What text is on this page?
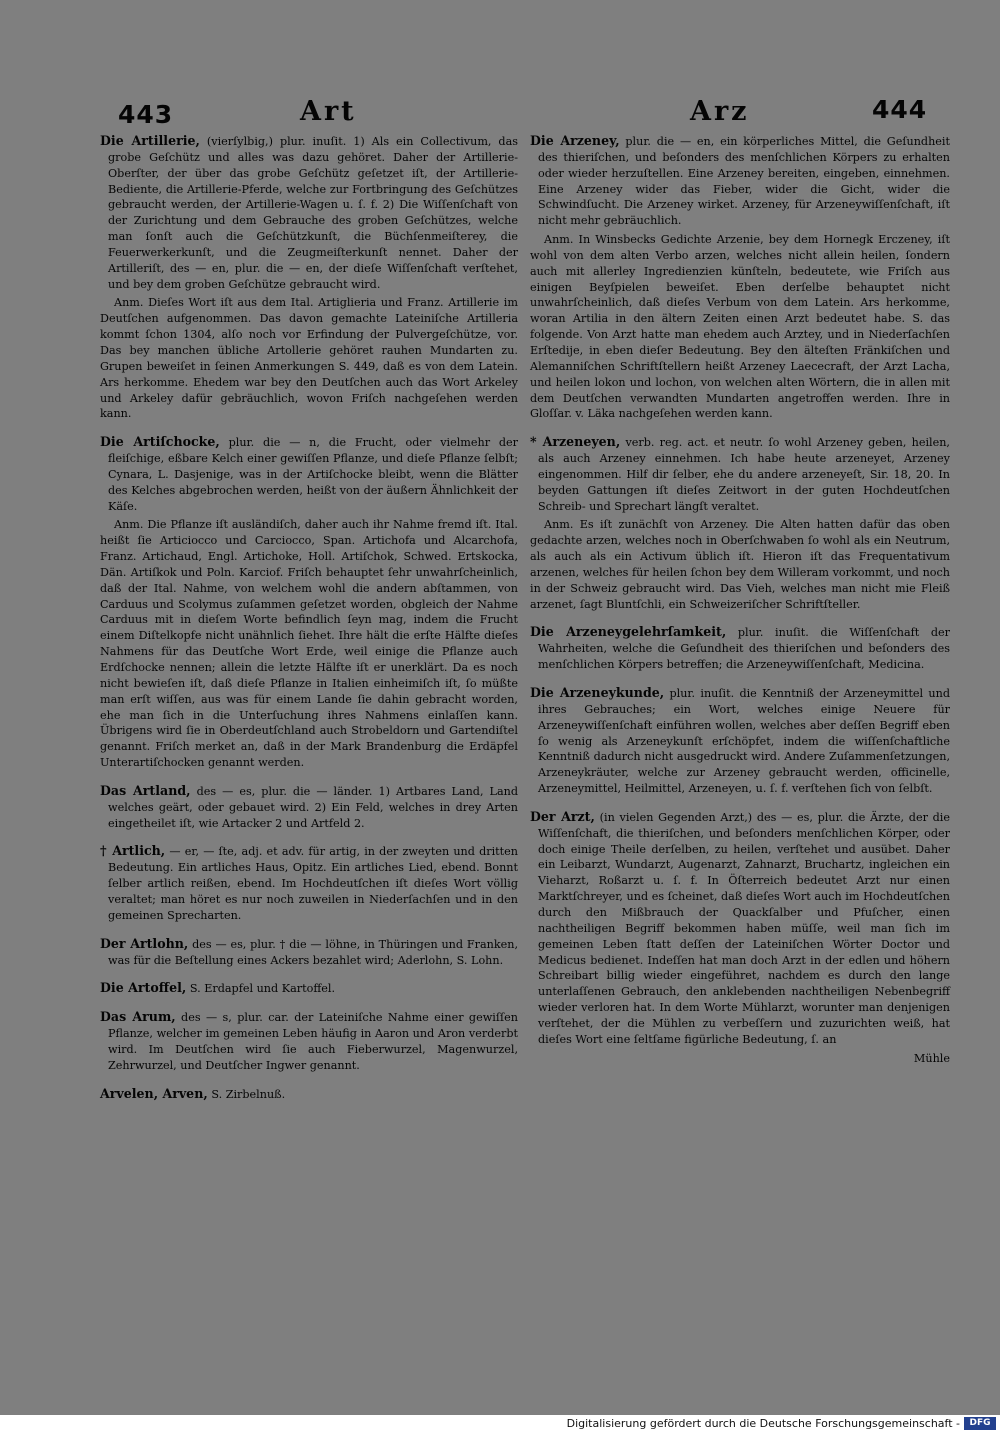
443	Art	Arz	444
Die Artillerie, (vierſylbig,) plur. inuſit. 1) Als ein Collectivum, das grobe Geſchütz und alles was dazu gehöret. Daher der Artillerie-Oberſter, der über das grobe Geſchütz geſetzet iſt, der Artillerie-Bediente, die Artillerie-Pferde, welche zur Fortbringung des Geſchützes gebraucht werden, der Artillerie-Wagen u. ſ. f. 2) Die Wiſſenſchaft von der Zurichtung und dem Gebrauche des groben Geſchützes, welche man ſonſt auch die Geſchützkunſt, die Büchſenmeiſterey, die Feuerwerkerkunſt, und die Zeugmeiſterkunſt nennet. Daher der Artilleriſt, des — en, plur. die — en, der dieſe Wiſſenſchaft verſtehet, und bey dem groben Geſchütze gebraucht wird.
Anm. Dieſes Wort iſt aus dem Ital. Artiglieria und Franz. Artillerie im Deutſchen aufgenommen. Das davon gemachte Lateiniſche Artilleria kommt ſchon 1304, alſo noch vor Erfindung der Pulvergeſchütze, vor. Das bey manchen übliche Artollerie gehöret rauhen Mundarten zu. Grupen beweiſet in ſeinen Anmerkungen S. 449, daß es von dem Latein. Ars herkomme. Ehedem war bey den Deutſchen auch das Wort Arkeley und Arkeley dafür gebräuchlich, wovon Friſch nachgeſehen werden kann.
Die Artiſchocke, plur. die — n, die Frucht, oder vielmehr der fleiſchige, eßbare Kelch einer gewiſſen Pflanze, und dieſe Pflanze ſelbſt; Cynara, L. Dasjenige, was in der Artiſchocke bleibt, wenn die Blätter des Kelches abgebrochen werden, heißt von der äußern Ähnlichkeit der Käſe.
Anm. Die Pflanze iſt ausländiſch, daher auch ihr Nahme fremd iſt. Ital. heißt ſie Articiocco und Carciocco, Span. Artichofa und Alcarchofa, Franz. Artichaud, Engl. Artichoke, Holl. Artiſchok, Schwed. Ertskocka, Dän. Artiſkok und Poln. Karciof. Friſch behauptet ſehr unwahrſcheinlich, daß der Ital. Nahme, von welchem wohl die andern abſtammen, von Carduus und Scolymus zuſammen geſetzet worden, obgleich der Nahme Carduus mit in dieſem Worte befindlich ſeyn mag, indem die Frucht einem Diſtelkopfe nicht unähnlich ſiehet. Ihre hält die erſte Hälfte dieſes Nahmens für das Deutſche Wort Erde, weil einige die Pflanze auch Erdſchocke nennen; allein die letzte Hälfte iſt er unerklärt. Da es noch nicht bewieſen iſt, daß dieſe Pflanze in Italien einheimiſch iſt, ſo müßte man erſt wiſſen, aus was für einem Lande ſie dahin gebracht worden, ehe man ſich in die Unterſuchung ihres Nahmens einlaſſen kann. Übrigens wird ſie in Oberdeutſchland auch Strobeldorn und Gartendiſtel genannt. Friſch merket an, daß in der Mark Brandenburg die Erdäpfel Unterartiſchocken genannt werden.
Das Artland, des — es, plur. die — länder. 1) Artbares Land, Land welches geärt, oder gebauet wird. 2) Ein Feld, welches in drey Arten eingetheilet iſt, wie Artacker 2 und Artfeld 2.
† Artlich, — er, — ſte, adj. et adv. für artig, in der zweyten und dritten Bedeutung. Ein artliches Haus, Opitz. Ein artliches Lied, ebend. Bonnt ſelber artlich reißen, ebend. Im Hochdeutſchen iſt dieſes Wort völlig veraltet; man höret es nur noch zuweilen in Niederſachſen und in den gemeinen Sprecharten.
Der Artlohn, des — es, plur. † die — löhne, in Thüringen und Franken, was für die Beſtellung eines Ackers bezahlet wird; Aderlohn, S. Lohn.
Die Artoffel, S. Erdapfel und Kartoffel.
Das Arum, des — s, plur. car. der Lateiniſche Nahme einer gewiſſen Pflanze, welcher im gemeinen Leben häufig in Aaron und Aron verderbt wird. Im Deutſchen wird ſie auch Fieberwurzel, Magenwurzel, Zehrwurzel, und Deutſcher Ingwer genannt.
Arvelen, Arven, S. Zirbelnuß.
Die Arzeney, plur. die — en, ein körperliches Mittel, die Geſundheit des thieriſchen, und beſonders des menſchlichen Körpers zu erhalten oder wieder herzuſtellen. Eine Arzeney bereiten, eingeben, einnehmen. Eine Arzeney wider das Fieber, wider die Gicht, wider die Schwindſucht. Die Arzeney wirket. Arzeney, für Arzeneywiſſenſchaft, iſt nicht mehr gebräuchlich.
Anm. In Winsbecks Gedichte Arzenie, bey dem Hornegk Erczeney, iſt wohl von dem alten Verbo arzen, welches nicht allein heilen, ſondern auch mit allerley Ingredienzien künſteln, bedeutete, wie Friſch aus einigen Beyſpielen beweiſet. Eben derſelbe behauptet nicht unwahrſcheinlich, daß dieſes Verbum von dem Latein. Ars herkomme, woran Artilia in den ältern Zeiten einen Arzt bedeutet habe. S. das folgende. Von Arzt hatte man ehedem auch Arztey, und in Niederſachſen Erſtedije, in eben dieſer Bedeutung. Bey den älteſten Fränkiſchen und Alemanniſchen Schriftſtellern heißt Arzeney Laececraft, der Arzt Lacha, und heilen lokon und lochon, von welchen alten Wörtern, die in allen mit dem Deutſchen verwandten Mundarten angetroffen werden. Ihre in Gloſſar. v. Läka nachgeſehen werden kann.
* Arzeneyen, verb. reg. act. et neutr. ſo wohl Arzeney geben, heilen, als auch Arzeney einnehmen. Ich habe heute arzeneyet, Arzeney eingenommen. Hilf dir ſelber, ehe du andere arzeneyeſt, Sir. 18, 20. In beyden Gattungen iſt dieſes Zeitwort in der guten Hochdeutſchen Schreib- und Sprechart längſt veraltet.
Anm. Es iſt zunächſt von Arzeney. Die Alten hatten dafür das oben gedachte arzen, welches noch in Oberſchwaben ſo wohl als ein Neutrum, als auch als ein Activum üblich iſt. Hieron iſt das Frequentativum arzenen, welches für heilen ſchon bey dem Willeram vorkommt, und noch in der Schweiz gebraucht wird. Das Vieh, welches man nicht mie Fleiß arzenet, ſagt Bluntſchli, ein Schweizeriſcher Schriftſteller.
Die Arzeneygelehrſamkeit, plur. inuſit. die Wiſſenſchaft der Wahrheiten, welche die Geſundheit des thieriſchen und beſonders des menſchlichen Körpers betreffen; die Arzeneywiſſenſchaft, Medicina.
Die Arzeneykunde, plur. inuſit. die Kenntniß der Arzeneymittel und ihres Gebrauches; ein Wort, welches einige Neuere für Arzeneywiſſenſchaft einführen wollen, welches aber deſſen Begriff eben ſo wenig als Arzeneykunſt erſchöpfet, indem die wiſſenſchaftliche Kenntniß dadurch nicht ausgedruckt wird. Andere Zuſammenſetzungen, Arzeneykräuter, welche zur Arzeney gebraucht werden, officinelle, Arzeneymittel, Heilmittel, Arzeneyen, u. ſ. f. verſtehen ſich von ſelbſt.
Der Arzt, (in vielen Gegenden Arzt,) des — es, plur. die Ärzte, der die Wiſſenſchaft, die thieriſchen, und beſonders menſchlichen Körper, oder doch einige Theile derſelben, zu heilen, verſtehet und ausübet. Daher ein Leibarzt, Wundarzt, Augenarzt, Zahnarzt, Bruchartz, ingleichen ein Vieharzt, Roßarzt u. ſ. f. In Öſterreich bedeutet Arzt nur einen Marktſchreyer, und es ſcheinet, daß dieſes Wort auch im Hochdeutſchen durch den Mißbrauch der Quackſalber und Pfuſcher, einen nachtheiligen Begriff bekommen haben müſſe, weil man ſich im gemeinen Leben ſtatt deſſen der Lateiniſchen Wörter Doctor und Medicus bedienet. Indeſſen hat man doch Arzt in der edlen und höhern Schreibart billig wieder eingeführet, nachdem es durch den lange unterlaſſenen Gebrauch, den anklebenden nachtheiligen Nebenbegriff wieder verloren hat. In dem Worte Mühlarzt, worunter man denjenigen verſtehet, der die Mühlen zu verbeſſern und zuzurichten weiß, hat dieſes Wort eine ſeltſame figürliche Bedeutung, ſ. an
Mühle
Digitalisierung gefördert durch die Deutsche Forschungsgemeinschaft -	DFG
